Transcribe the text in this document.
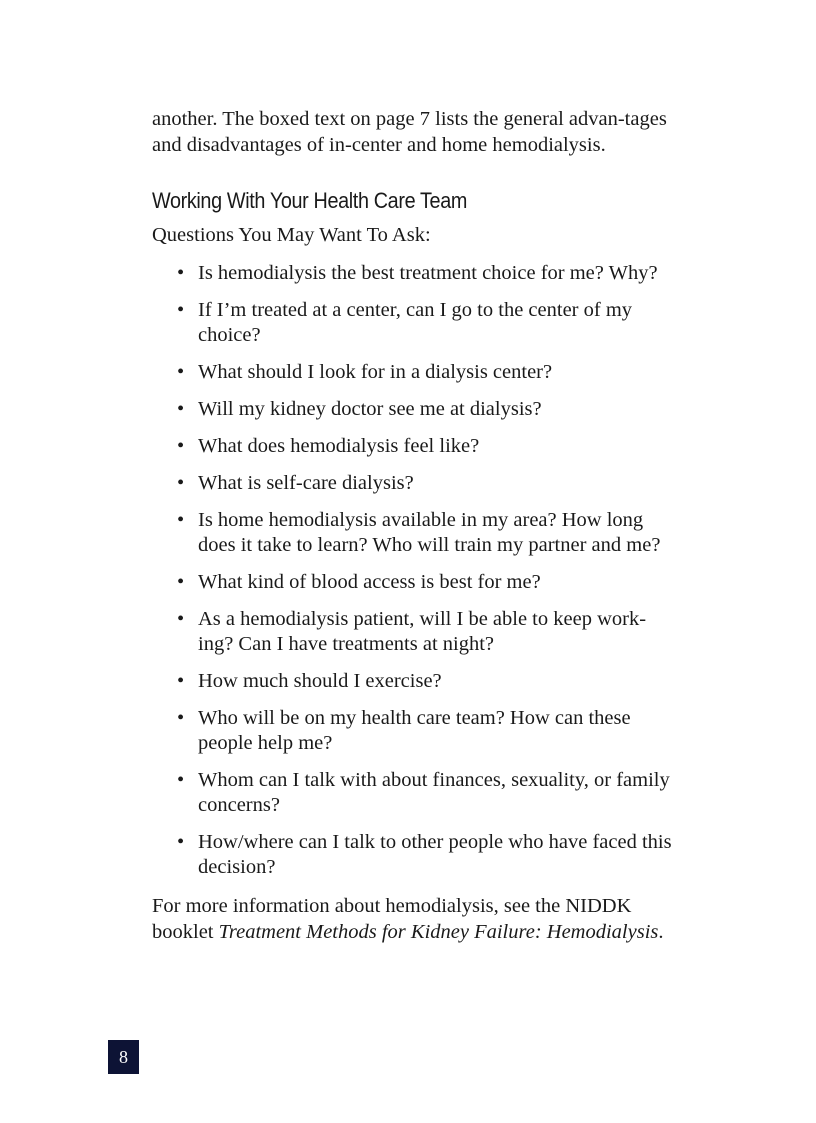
another. The boxed text on page 7 lists the general advan-tages and disadvantages of in-center and home hemodialysis.

Working With Your Health Care Team

Questions You May Want To Ask:

• Is hemodialysis the best treatment choice for me? Why?
• If I’m treated at a center, can I go to the center of my choice?
• What should I look for in a dialysis center?
• Will my kidney doctor see me at dialysis?
• What does hemodialysis feel like?
• What is self-care dialysis?
• Is home hemodialysis available in my area? How long does it take to learn? Who will train my partner and me?
• What kind of blood access is best for me?
• As a hemodialysis patient, will I be able to keep work-ing? Can I have treatments at night?
• How much should I exercise?
• Who will be on my health care team? How can these people help me?
• Whom can I talk with about finances, sexuality, or family concerns?
• How/where can I talk to other people who have faced this decision?

For more information about hemodialysis, see the NIDDK booklet Treatment Methods for Kidney Failure: Hemodialysis.

8
